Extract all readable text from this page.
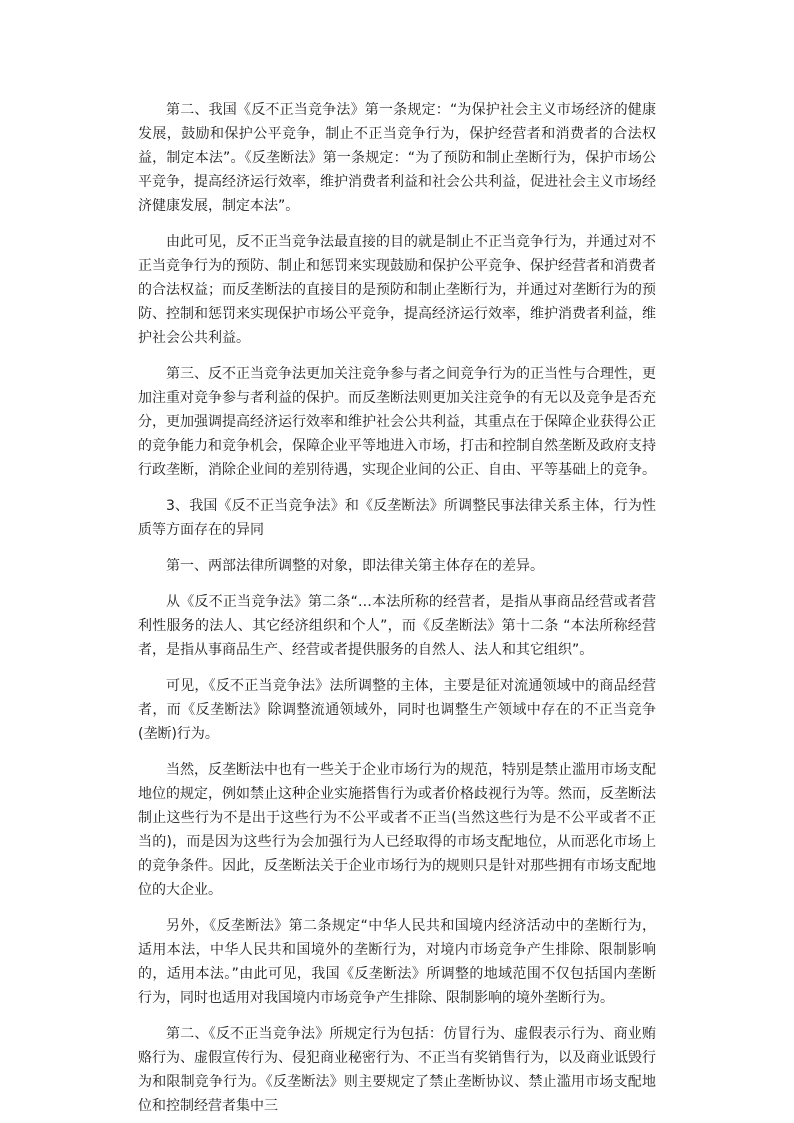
第二、我国《反不正当竞争法》第一条规定：“为保护社会主义市场经济的健康发展，鼓励和保护公平竞争，制止不正当竞争行为，保护经营者和消费者的合法权益，制定本法”。《反垄断法》第一条规定：“为了预防和制止垄断行为，保护市场公平竞争，提高经济运行效率，维护消费者利益和社会公共利益，促进社会主义市场经济健康发展，制定本法”。

由此可见，反不正当竞争法最直接的目的就是制止不正当竞争行为，并通过对不正当竞争行为的预防、制止和惩罚来实现鼓励和保护公平竞争、保护经营者和消费者的合法权益；而反垄断法的直接目的是预防和制止垄断行为，并通过对垄断行为的预防、控制和惩罚来实现保护市场公平竞争，提高经济运行效率，维护消费者利益，维护社会公共利益。

第三、反不正当竞争法更加关注竞争参与者之间竞争行为的正当性与合理性，更加注重对竞争参与者利益的保护。而反垄断法则更加关注竞争的有无以及竞争是否充分，更加强调提高经济运行效率和维护社会公共利益，其重点在于保障企业获得公正的竞争能力和竞争机会，保障企业平等地进入市场，打击和控制自然垄断及政府支持行政垄断，消除企业间的差别待遇，实现企业间的公正、自由、平等基础上的竞争。

3、我国《反不正当竞争法》和《反垄断法》所调整民事法律关系主体，行为性质等方面存在的异同

第一、两部法律所调整的对象，即法律关第主体存在的差异。

从《反不正当竞争法》第二条“…本法所称的经营者，是指从事商品经营或者营利性服务的法人、其它经济组织和个人”，而《反垄断法》第十二条 “本法所称经营者，是指从事商品生产、经营或者提供服务的自然人、法人和其它组织”。

可见，《反不正当竞争法》法所调整的主体，主要是征对流通领域中的商品经营者，而《反垄断法》除调整流通领域外，同时也调整生产领域中存在的不正当竞争(垄断)行为。

当然，反垄断法中也有一些关于企业市场行为的规范，特别是禁止滥用市场支配地位的规定，例如禁止这种企业实施搭售行为或者价格歧视行为等。然而，反垄断法制止这些行为不是出于这些行为不公平或者不正当(当然这些行为是不公平或者不正当的)，而是因为这些行为会加强行为人已经取得的市场支配地位，从而恶化市场上的竞争条件。因此，反垄断法关于企业市场行为的规则只是针对那些拥有市场支配地位的大企业。

另外，《反垄断法》第二条规定“中华人民共和国境内经济活动中的垄断行为，适用本法，中华人民共和国境外的垄断行为，对境内市场竞争产生排除、限制影响的，适用本法。”由此可见，我国《反垄断法》所调整的地域范围不仅包括国内垄断行为，同时也适用对我国境内市场竞争产生排除、限制影响的境外垄断行为。

第二、《反不正当竞争法》所规定行为包括：仿冒行为、虚假表示行为、商业贿赂行为、虚假宣传行为、侵犯商业秘密行为、不正当有奖销售行为，以及商业诋毁行为和限制竞争行为。《反垄断法》则主要规定了禁止垄断协议、禁止滥用市场支配地位和控制经营者集中三
